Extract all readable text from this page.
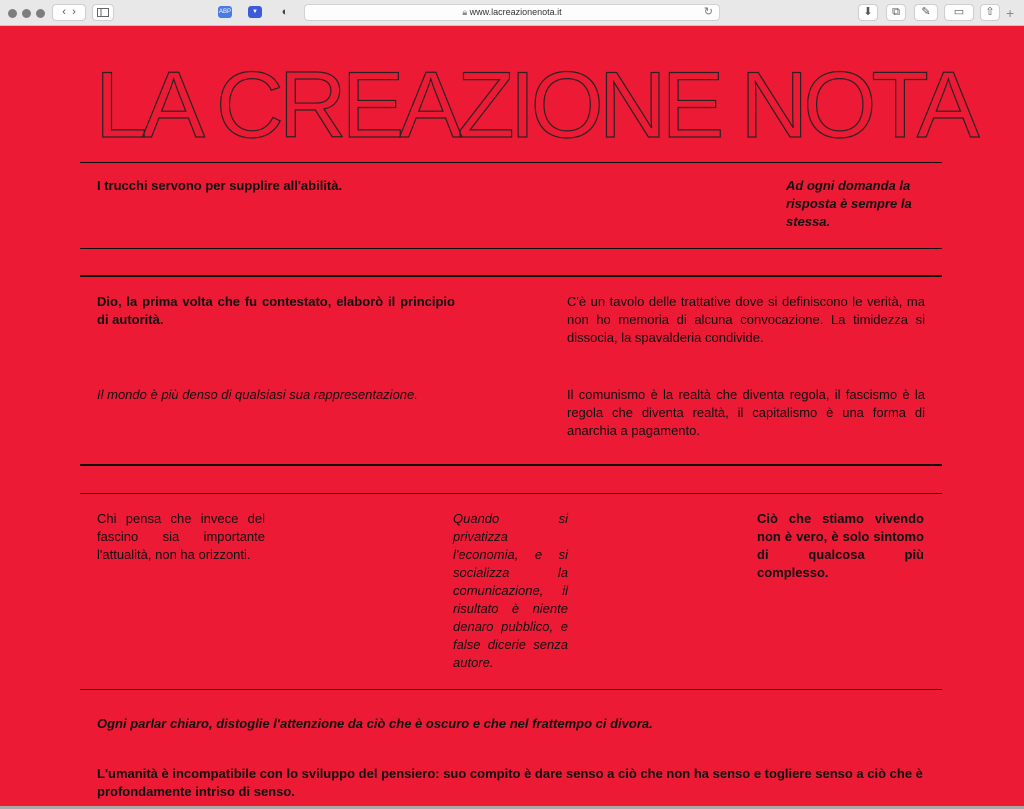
‹ ›	ABP	▼	◐	🔒︎ www.lacreazionenota.it	↻	⬇	⧉	✎	▭	⇧ +
LA CREAZIONE NOTA

I trucchi servono per supplire all'abilità.	Ad ogni domanda la risposta è sempre la stessa.

Dio, la prima volta che fu contestato, elaborò il principio di autorità.

C'è un tavolo delle trattative dove si definiscono le verità, ma non ho memoria di alcuna convocazione. La timidezza si dissocia, la spavalderia condivide.

Il mondo è più denso di qualsiasi sua rappresentazione.	Il comunismo è la realtà che diventa regola, il fascismo è la regola che diventa realtà, il capitalismo è una forma di anarchia a pagamento.

Chi pensa che invece del fascino sia importante l'attualità, non ha orizzonti.

Quando si privatizza l'economia, e si socializza la comunicazione, il risultato è niente denaro pubblico, e false dicerie senza autore.

Ciò che stiamo vivendo non è vero, è solo sintomo di qualcosa più complesso.

Ogni parlar chiaro, distoglie l'attenzione da ciò che è oscuro e che nel frattempo ci divora.

L'umanità è incompatibile con lo sviluppo del pensiero: suo compito è dare senso a ciò che non ha senso e togliere senso a ciò che è profondamente intriso di senso.
